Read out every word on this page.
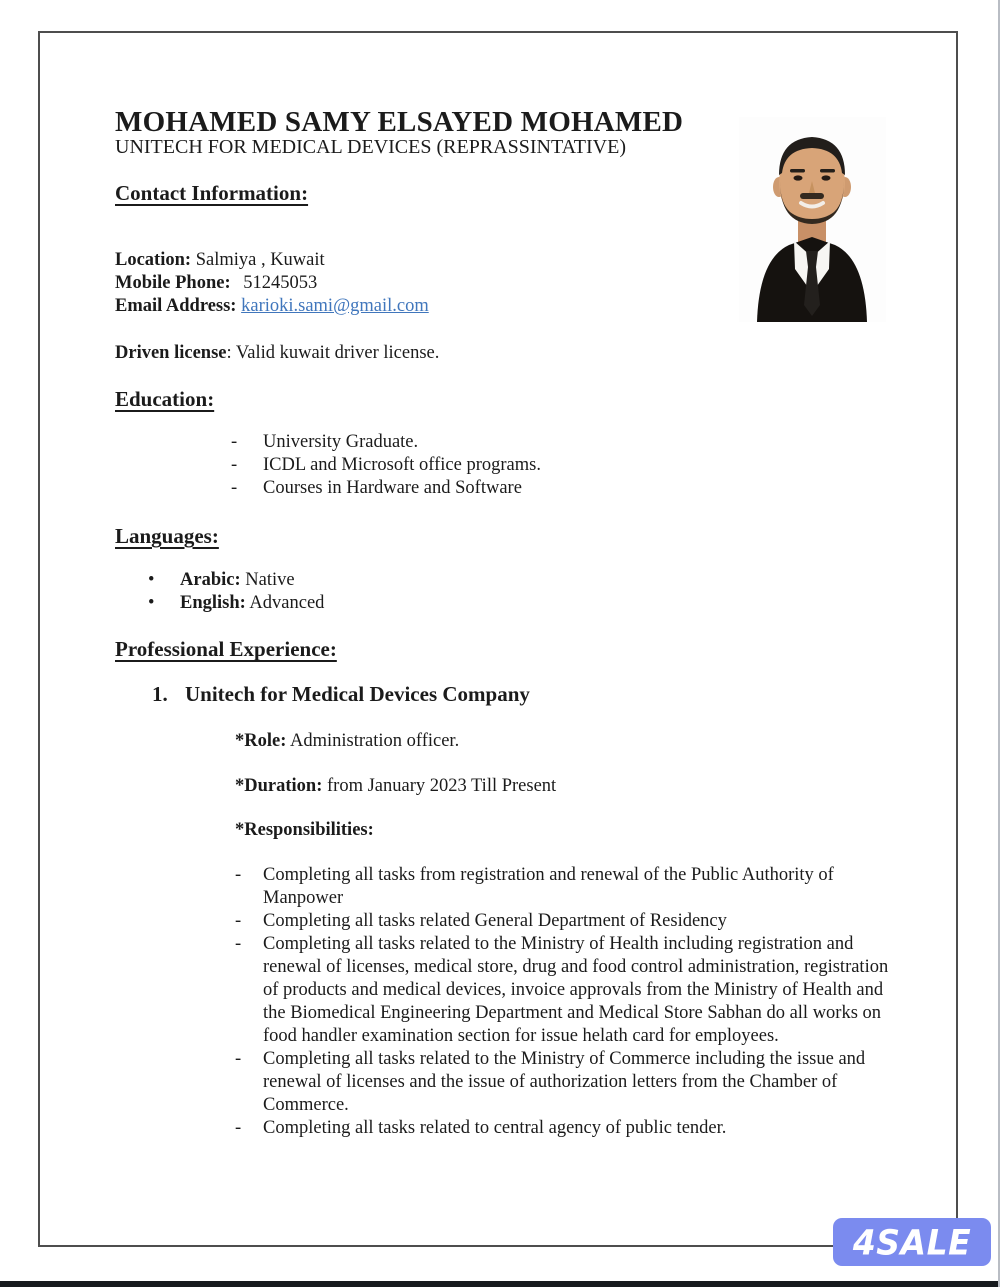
MOHAMED SAMY ELSAYED MOHAMED
UNITECH FOR MEDICAL DEVICES (REPRASSINTATIVE)
Contact Information:
Location: Salmiya , Kuwait
Mobile Phone: 51245053
Email Address: karioki.sami@gmail.com
Driven license: Valid kuwait driver license.
Education:
-	University Graduate.
-	ICDL and Microsoft office programs.
-	Courses in Hardware and Software
Languages:
•	Arabic: Native
•	English: Advanced
Professional Experience:
1. Unitech for Medical Devices Company
*Role: Administration officer.
*Duration: from January 2023 Till Present
*Responsibilities:
-	Completing all tasks from registration and renewal of the Public Authority of Manpower
-	Completing all tasks related General Department of Residency
-	Completing all tasks related to the Ministry of Health including registration and renewal of licenses, medical store, drug and food control administration, registration of products and medical devices, invoice approvals from the Ministry of Health and the Biomedical Engineering Department and Medical Store Sabhan do all works on food handler examination section for issue helath card for employees.
-	Completing all tasks related to the Ministry of Commerce including the issue and renewal of licenses and the issue of authorization letters from the Chamber of Commerce.
-	Completing all tasks related to central agency of public tender.
4SALE
